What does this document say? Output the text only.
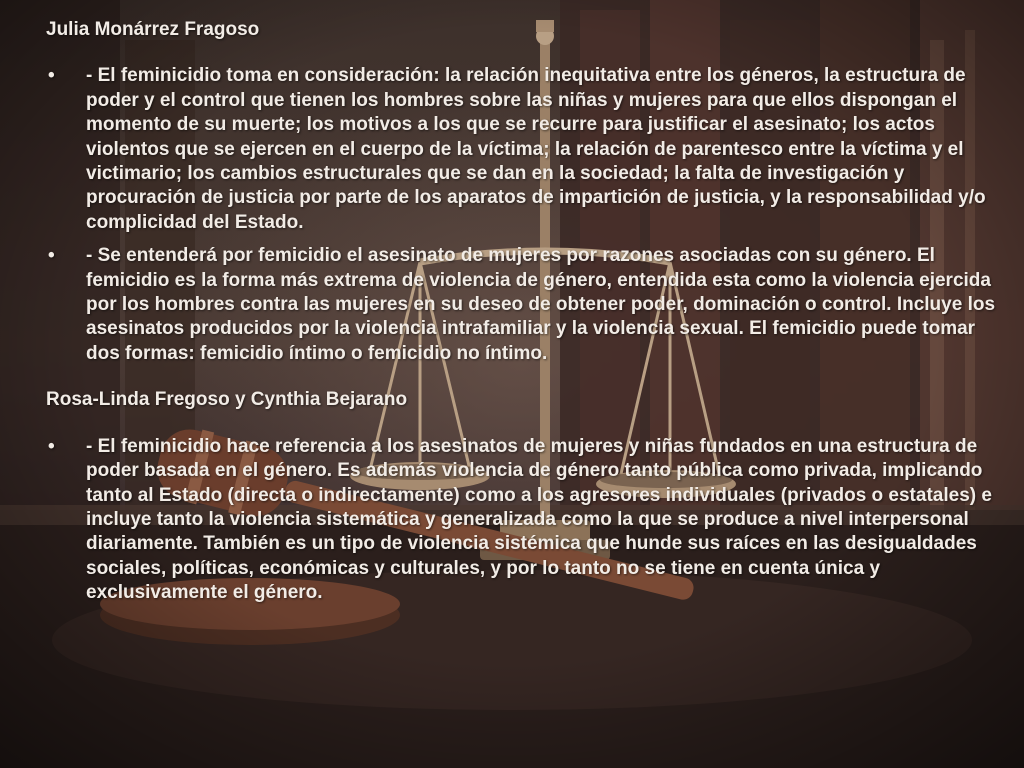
Julia Monárrez Fragoso
• - El feminicidio toma en consideración: la relación inequitativa entre los géneros, la estructura de poder y el control que tienen los hombres sobre las niñas y mujeres para que ellos dispongan el momento de su muerte; los motivos a los que se recurre para justificar el asesinato; los actos violentos que se ejercen en el cuerpo de la víctima; la relación de parentesco entre la víctima y el victimario; los cambios estructurales que se dan en la sociedad; la falta de investigación y procuración de justicia por parte de los aparatos de impartición de justicia, y la responsabilidad y/o complicidad del Estado.
• - Se entenderá por femicidio el asesinato de mujeres por razones asociadas con su género. El femicidio es la forma más extrema de violencia de género, entendida esta como la violencia ejercida por los hombres contra las mujeres en su deseo de obtener poder, dominación o control. Incluye los asesinatos producidos por la violencia intrafamiliar y la violencia sexual. El femicidio puede tomar dos formas: femicidio íntimo o femicidio no íntimo.
Rosa-Linda Fregoso y Cynthia Bejarano
• - El feminicidio hace referencia a los asesinatos de mujeres y niñas fundados en una estructura de poder basada en el género. Es además violencia de género tanto pública como privada, implicando tanto al Estado (directa o indirectamente) como a los agresores individuales (privados o estatales) e incluye tanto la violencia sistemática y generalizada como la que se produce a nivel interpersonal diariamente. También es un tipo de violencia sistémica que hunde sus raíces en las desigualdades sociales, políticas, económicas y culturales, y por lo tanto no se tiene en cuenta única y exclusivamente el género.
